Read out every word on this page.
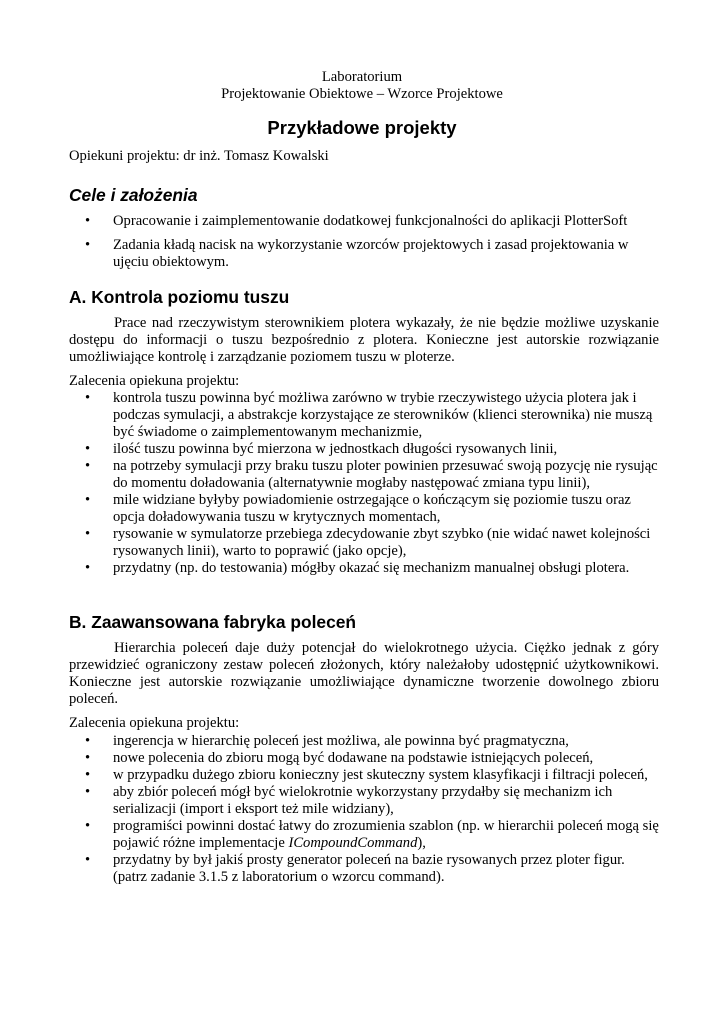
Laboratorium
Projektowanie Obiektowe – Wzorce Projektowe
Przykładowe projekty
Opiekuni projektu: dr inż. Tomasz Kowalski
Cele i założenia
• Opracowanie i zaimplementowanie dodatkowej funkcjonalności do aplikacji PlotterSoft
• Zadania kładą nacisk na wykorzystanie wzorców projektowych i zasad projektowania w ujęciu obiektowym.
A. Kontrola poziomu tuszu
Prace nad rzeczywistym sterownikiem plotera wykazały, że nie będzie możliwe uzyskanie dostępu do informacji o tuszu bezpośrednio z plotera. Konieczne jest autorskie rozwiązanie umożliwiające kontrolę i zarządzanie poziomem tuszu w ploterze.
Zalecenia opiekuna projektu:
• kontrola tuszu powinna być możliwa zarówno w trybie rzeczywistego użycia plotera jak i podczas symulacji, a abstrakcje korzystające ze sterowników (klienci sterownika) nie muszą być świadome o zaimplementowanym mechanizmie,
• ilość tuszu powinna być mierzona w jednostkach długości rysowanych linii,
• na potrzeby symulacji przy braku tuszu ploter powinien przesuwać swoją pozycję nie rysując do momentu doładowania (alternatywnie mogłaby następować zmiana typu linii),
• mile widziane byłyby powiadomienie ostrzegające o kończącym się poziomie tuszu oraz opcja doładowywania tuszu w krytycznych momentach,
• rysowanie w symulatorze przebiega zdecydowanie zbyt szybko (nie widać nawet kolejności rysowanych linii), warto to poprawić (jako opcje),
• przydatny (np. do testowania) mógłby okazać się mechanizm manualnej obsługi plotera.
B. Zaawansowana fabryka poleceń
Hierarchia poleceń daje duży potencjał do wielokrotnego użycia. Ciężko jednak z góry przewidzieć ograniczony zestaw poleceń złożonych, który należałoby udostępnić użytkownikowi. Konieczne jest autorskie rozwiązanie umożliwiające dynamiczne tworzenie dowolnego zbioru poleceń.
Zalecenia opiekuna projektu:
• ingerencja w hierarchię poleceń jest możliwa, ale powinna być pragmatyczna,
• nowe polecenia do zbioru mogą być dodawane na podstawie istniejących poleceń,
• w przypadku dużego zbioru konieczny jest skuteczny system klasyfikacji i filtracji poleceń,
• aby zbiór poleceń mógł być wielokrotnie wykorzystany przydałby się mechanizm ich serializacji (import i eksport też mile widziany),
• programiści powinni dostać łatwy do zrozumienia szablon (np. w hierarchii poleceń mogą się pojawić różne implementacje ICompoundCommand),
• przydatny by był jakiś prosty generator poleceń na bazie rysowanych przez ploter figur. (patrz zadanie 3.1.5 z laboratorium o wzorcu command).
